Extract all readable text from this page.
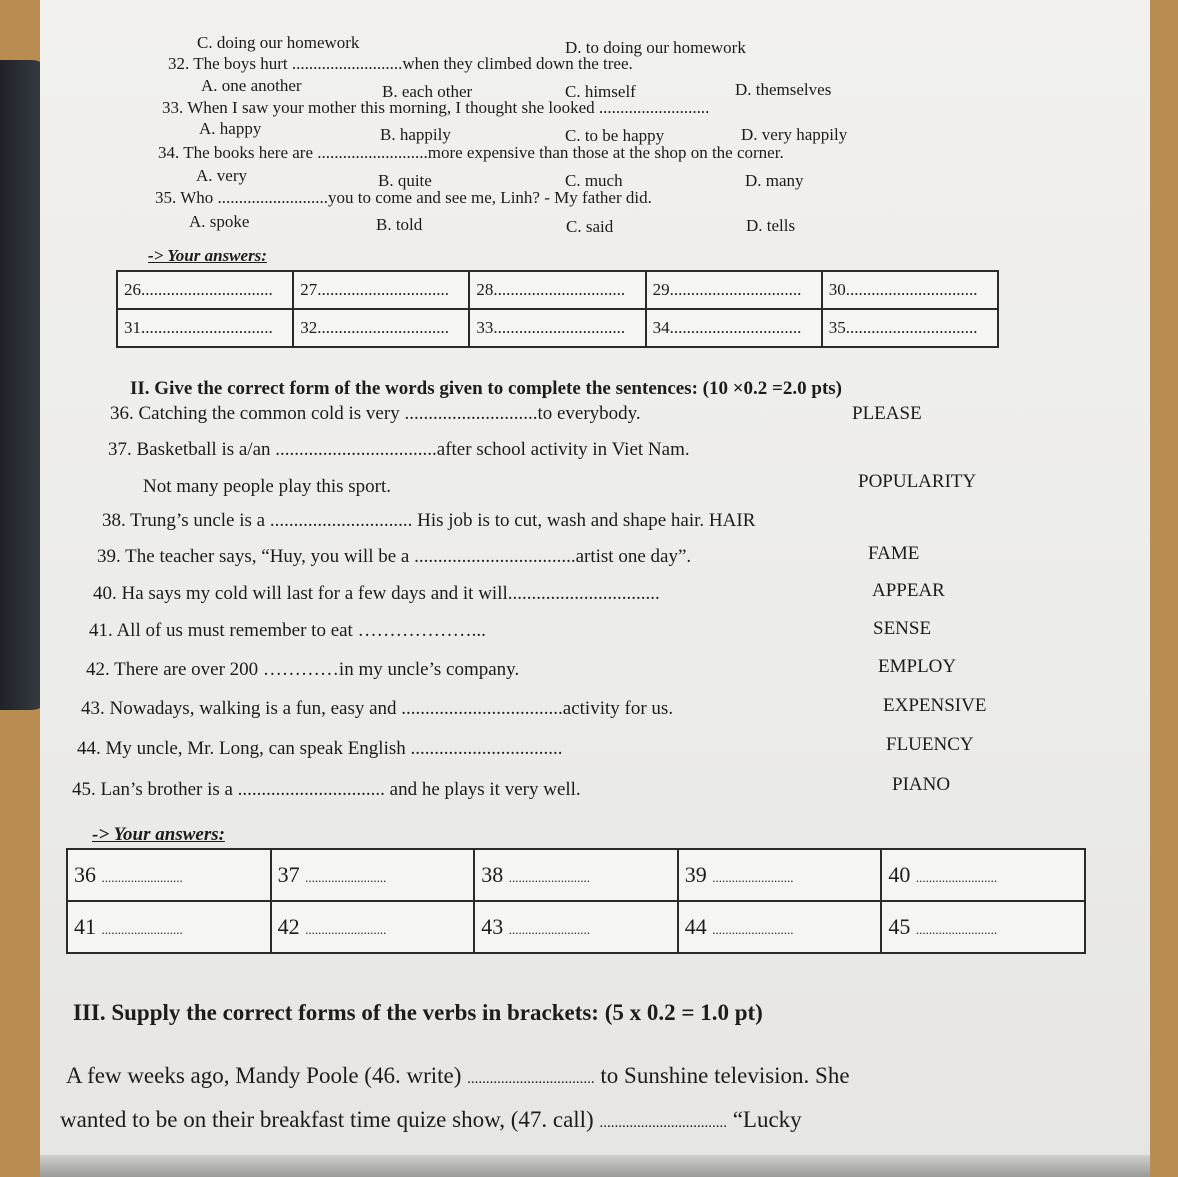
C. doing our homework	D. to doing our homework
32. The boys hurt ..........................when they climbed down the tree.
A. one another	B. each other	C. himself	D. themselves
33. When I saw your mother this morning, I thought she looked ..........................
A. happy	B. happily	C. to be happy	D. very happily
34. The books here are ..........................more expensive than those at the shop on the corner.
A. very	B. quite	C. much	D. many
35. Who ..........................you to come and see me, Linh? - My father did.
A. spoke	B. told	C. said	D. tells
-> Your answers:
26...............................	27...............................	28...............................	29...............................	30...............................
31...............................	32...............................	33...............................	34...............................	35...............................
II. Give the correct form of the words given to complete the sentences: (10 ×0.2 =2.0 pts)
36. Catching the common cold is very ............................to everybody.	PLEASE
37. Basketball is a/an ..................................after school activity in Viet Nam.
Not many people play this sport.	POPULARITY
38. Trung’s uncle is a .............................. His job is to cut, wash and shape hair. HAIR
39. The teacher says, “Huy, you will be a ..................................artist one day”.	FAME
40. Ha says my cold will last for a few days and it will................................	APPEAR
41. All of us must remember to eat ………………...	SENSE
42. There are over 200 …………in my uncle’s company.	EMPLOY
43. Nowadays, walking is a fun, easy and ..................................activity for us.	EXPENSIVE
44. My uncle, Mr. Long, can speak English ................................	FLUENCY
45. Lan’s brother is a ............................... and he plays it very well.	PIANO
-> Your answers:
36 .........................	37 .........................	38 .........................	39 .........................	40 .........................
41 .........................	42 .........................	43 .........................	44 .........................	45 .........................
III. Supply the correct forms of the verbs in brackets: (5 x 0.2 = 1.0 pt)
A few weeks ago, Mandy Poole (46. write) .................................. to Sunshine television. She
wanted to be on their breakfast time quize show, (47. call) .................................. “Lucky
